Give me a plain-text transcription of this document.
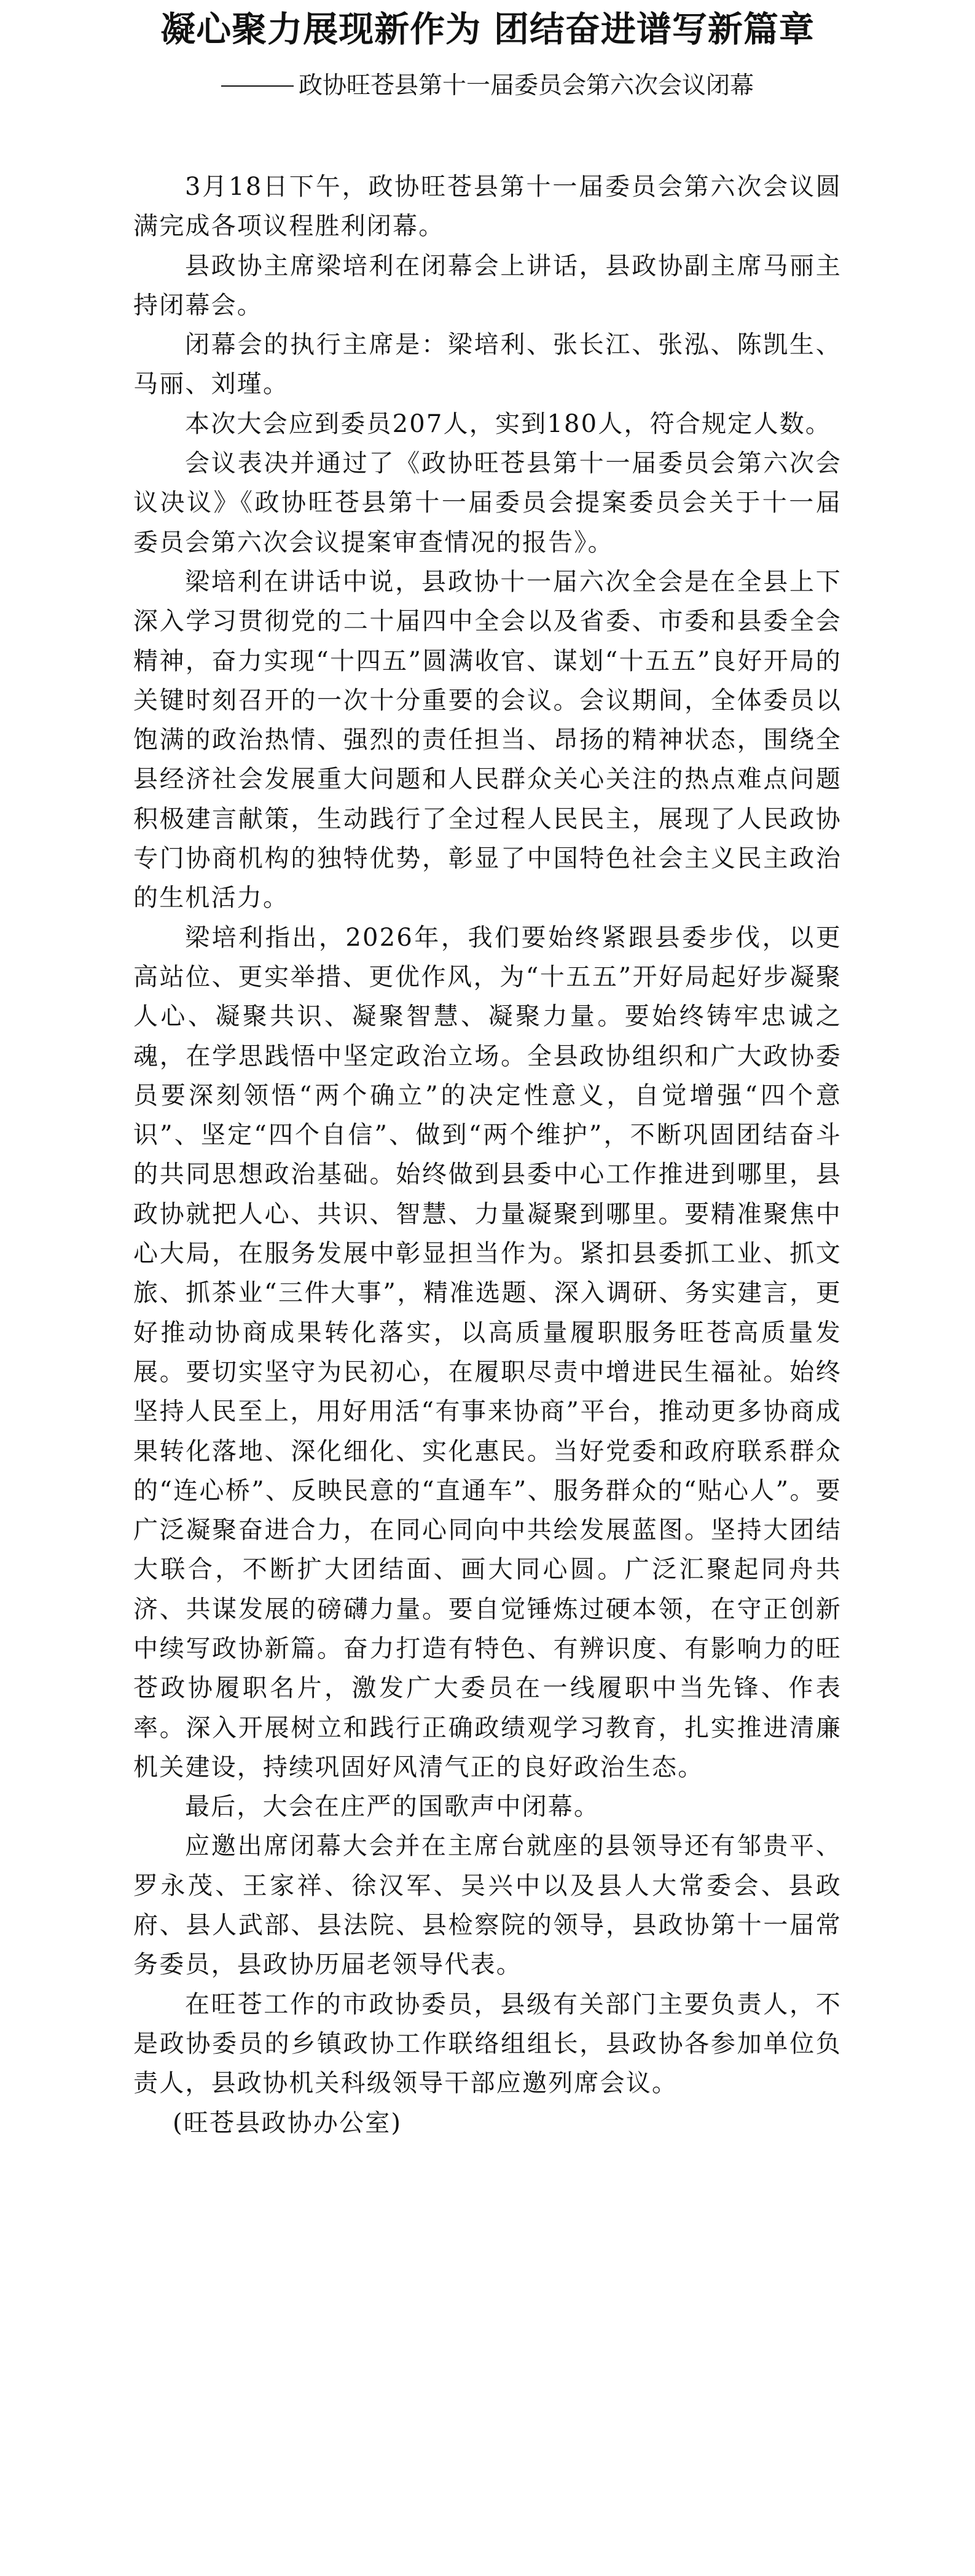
凝心聚力展现新作为 团结奋进谱写新篇章
政协旺苍县第十一届委员会第六次会议闭幕

3月18日下午，政协旺苍县第十一届委员会第六次会议圆满完成各项议程胜利闭幕。

县政协主席梁培利在闭幕会上讲话，县政协副主席马丽主持闭幕会。

闭幕会的执行主席是：梁培利、张长江、张泓、陈凯生、马丽、刘瑾。

本次大会应到委员207人，实到180人，符合规定人数。

会议表决并通过了《政协旺苍县第十一届委员会第六次会议决议》《政协旺苍县第十一届委员会提案委员会关于十一届委员会第六次会议提案审查情况的报告》。

梁培利在讲话中说，县政协十一届六次全会是在全县上下深入学习贯彻党的二十届四中全会以及省委、市委和县委全会精神，奋力实现“十四五”圆满收官、谋划“十五五”良好开局的关键时刻召开的一次十分重要的会议。会议期间，全体委员以饱满的政治热情、强烈的责任担当、昂扬的精神状态，围绕全县经济社会发展重大问题和人民群众关心关注的热点难点问题积极建言献策，生动践行了全过程人民民主，展现了人民政协专门协商机构的独特优势，彰显了中国特色社会主义民主政治的生机活力。

梁培利指出，2026年，我们要始终紧跟县委步伐，以更高站位、更实举措、更优作风，为“十五五”开好局起好步凝聚人心、凝聚共识、凝聚智慧、凝聚力量。要始终铸牢忠诚之魂，在学思践悟中坚定政治立场。全县政协组织和广大政协委员要深刻领悟“两个确立”的决定性意义，自觉增强“四个意识”、坚定“四个自信”、做到“两个维护”，不断巩固团结奋斗的共同思想政治基础。始终做到县委中心工作推进到哪里，县政协就把人心、共识、智慧、力量凝聚到哪里。要精准聚焦中心大局，在服务发展中彰显担当作为。紧扣县委抓工业、抓文旅、抓茶业“三件大事”，精准选题、深入调研、务实建言，更好推动协商成果转化落实，以高质量履职服务旺苍高质量发展。要切实坚守为民初心，在履职尽责中增进民生福祉。始终坚持人民至上，用好用活“有事来协商”平台，推动更多协商成果转化落地、深化细化、实化惠民。当好党委和政府联系群众的“连心桥”、反映民意的“直通车”、服务群众的“贴心人”。要广泛凝聚奋进合力，在同心同向中共绘发展蓝图。坚持大团结大联合，不断扩大团结面、画大同心圆。广泛汇聚起同舟共济、共谋发展的磅礴力量。要自觉锤炼过硬本领，在守正创新中续写政协新篇。奋力打造有特色、有辨识度、有影响力的旺苍政协履职名片，激发广大委员在一线履职中当先锋、作表率。深入开展树立和践行正确政绩观学习教育，扎实推进清廉机关建设，持续巩固好风清气正的良好政治生态。

最后，大会在庄严的国歌声中闭幕。

应邀出席闭幕大会并在主席台就座的县领导还有邹贵平、罗永茂、王家祥、徐汉军、吴兴中以及县人大常委会、县政府、县人武部、县法院、县检察院的领导，县政协第十一届常务委员，县政协历届老领导代表。

在旺苍工作的市政协委员，县级有关部门主要负责人，不是政协委员的乡镇政协工作联络组组长，县政协各参加单位负责人，县政协机关科级领导干部应邀列席会议。

(旺苍县政协办公室)
